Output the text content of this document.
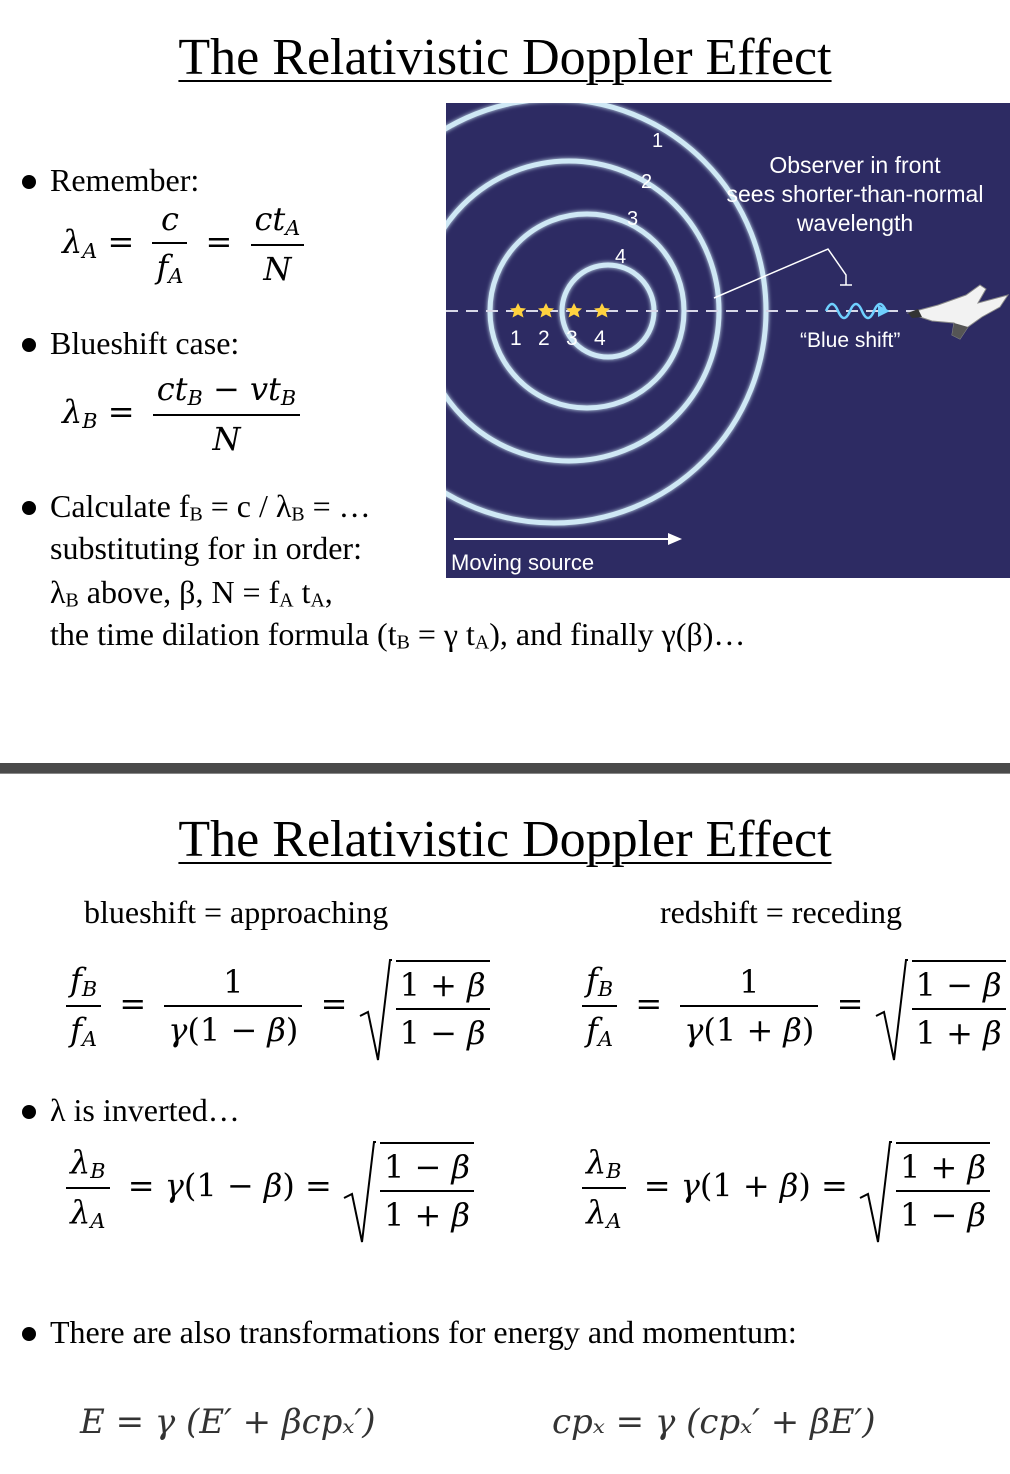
The Relativistic Doppler Effect
Remember:
$\lambda A = \frac{c}{fA} = \frac{\text{ctA}}{N}$
Blueshift case:
$\lambda B = \frac{\text{ctB − vtB}}{N}$
Calculate fB = c / λB = …
substituting for in order:
λB above, β, N = fA tA,
the time dilation formula (tB = γ tA), and finally γ(β)…
1 2 3 4
1
2
3
4
Observer in front
sees shorter-than-normal
wavelength
“Blue shift”
Moving source
The Relativistic Doppler Effect
blueshift = approaching	redshift = receding
$\frac{fB}{fA} = \frac{1}{\gamma(1 - \beta)} = \frac{1 + \beta}{1 - \beta}$	$\frac{fB}{fA} = \frac{1}{\gamma(1 + \beta)} = \frac{1 - \beta}{1 + \beta}$
λ is inverted…
$\frac{\lambda B}{\lambda A} = \gamma(1 - \beta) = \frac{1 - \beta}{1 + \beta}$	$\frac{\lambda B}{\lambda A} = \gamma(1 + \beta) = \frac{1 + \beta}{1 - \beta}$
There are also transformations for energy and momentum:
E = γ (E′ + βcpₓ′)	cpₓ = γ (cpₓ′ + βE′)
